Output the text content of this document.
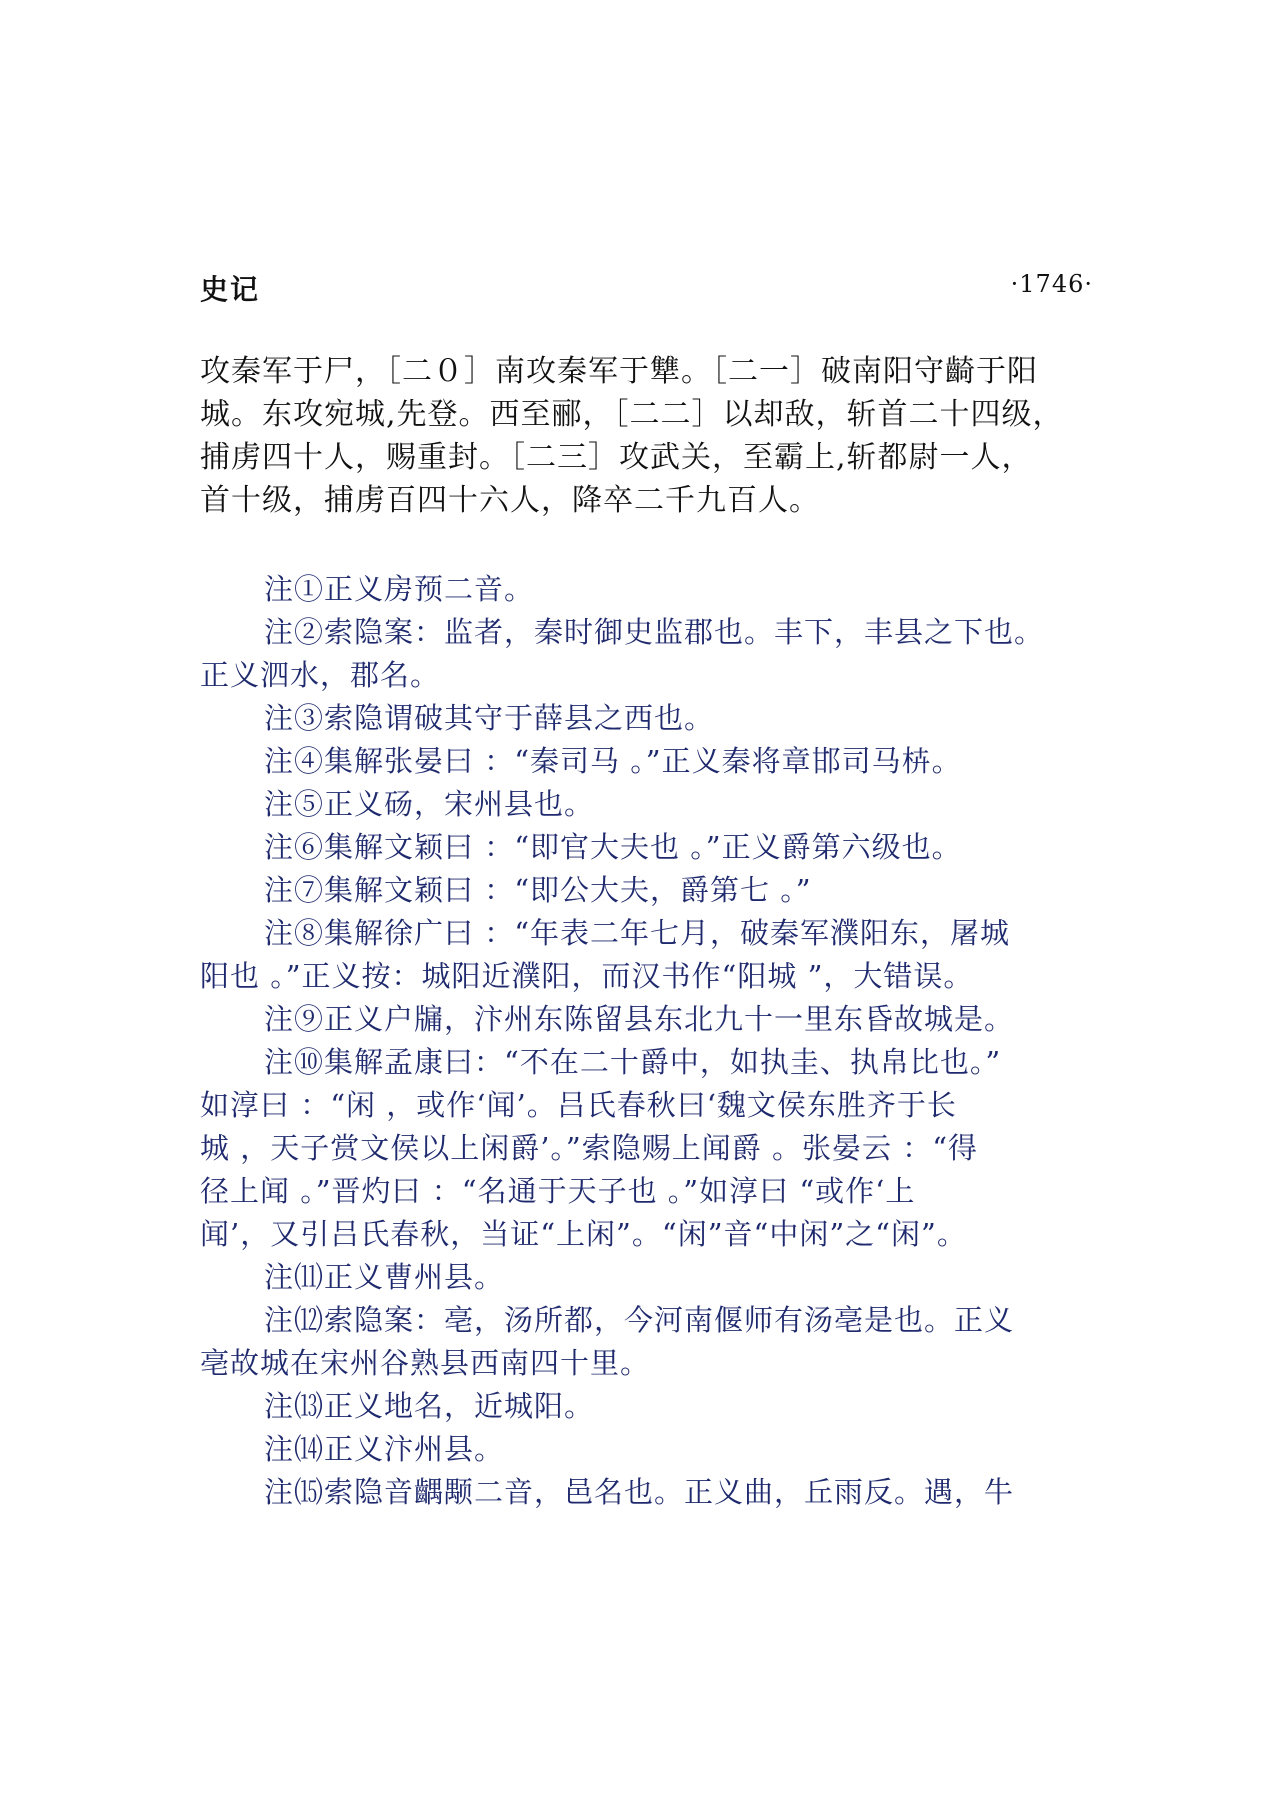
史记	·1746·
攻秦军于尸，［二０］南攻秦军于犨。［二一］破南阳守齮于阳
城。东攻宛城,先登。西至郦，［二二］以却敌，斩首二十四级，
捕虏四十人，赐重封。［二三］攻武关，至霸上,斩都尉一人，
首十级，捕虏百四十六人，降卒二千九百人。
注①正义房预二音。
注②索隐案：监者，秦时御史监郡也。丰下，丰县之下也。
正义泗水，郡名。
注③索隐谓破其守于薛县之西也。
注④集解张晏曰 ：“秦司马 。”正义秦将章邯司马枿。
注⑤正义砀，宋州县也。
注⑥集解文颖曰 ：“即官大夫也 。”正义爵第六级也。
注⑦集解文颖曰 ：“即公大夫，爵第七 。”
注⑧集解徐广曰 ：“年表二年七月，破秦军濮阳东，屠城
阳也 。”正义按：城阳近濮阳，而汉书作“阳城 ”，大错误。
注⑨正义户牖，汴州东陈留县东北九十一里东昏故城是。
注⑩集解孟康曰：“不在二十爵中，如执圭、执帛比也。”
如淳曰 ：“闲 ，或作‘闻’。吕氏春秋曰‘魏文侯东胜齐于长
城 ，天子赏文侯以上闲爵’。”索隐赐上闻爵 。张晏云 ：“得
径上闻 。”晋灼曰 ：“名通于天子也 。”如淳曰 “或作‘上
闻’，又引吕氏春秋，当证“上闲”。“闲”音“中闲”之“闲”。
注⑾正义曹州县。
注⑿索隐案：亳，汤所都，今河南偃师有汤亳是也。正义
亳故城在宋州谷熟县西南四十里。
注⒀正义地名，近城阳。
注⒁正义汴州县。
注⒂索隐音齵颙二音，邑名也。正义曲，丘雨反。遇，牛
